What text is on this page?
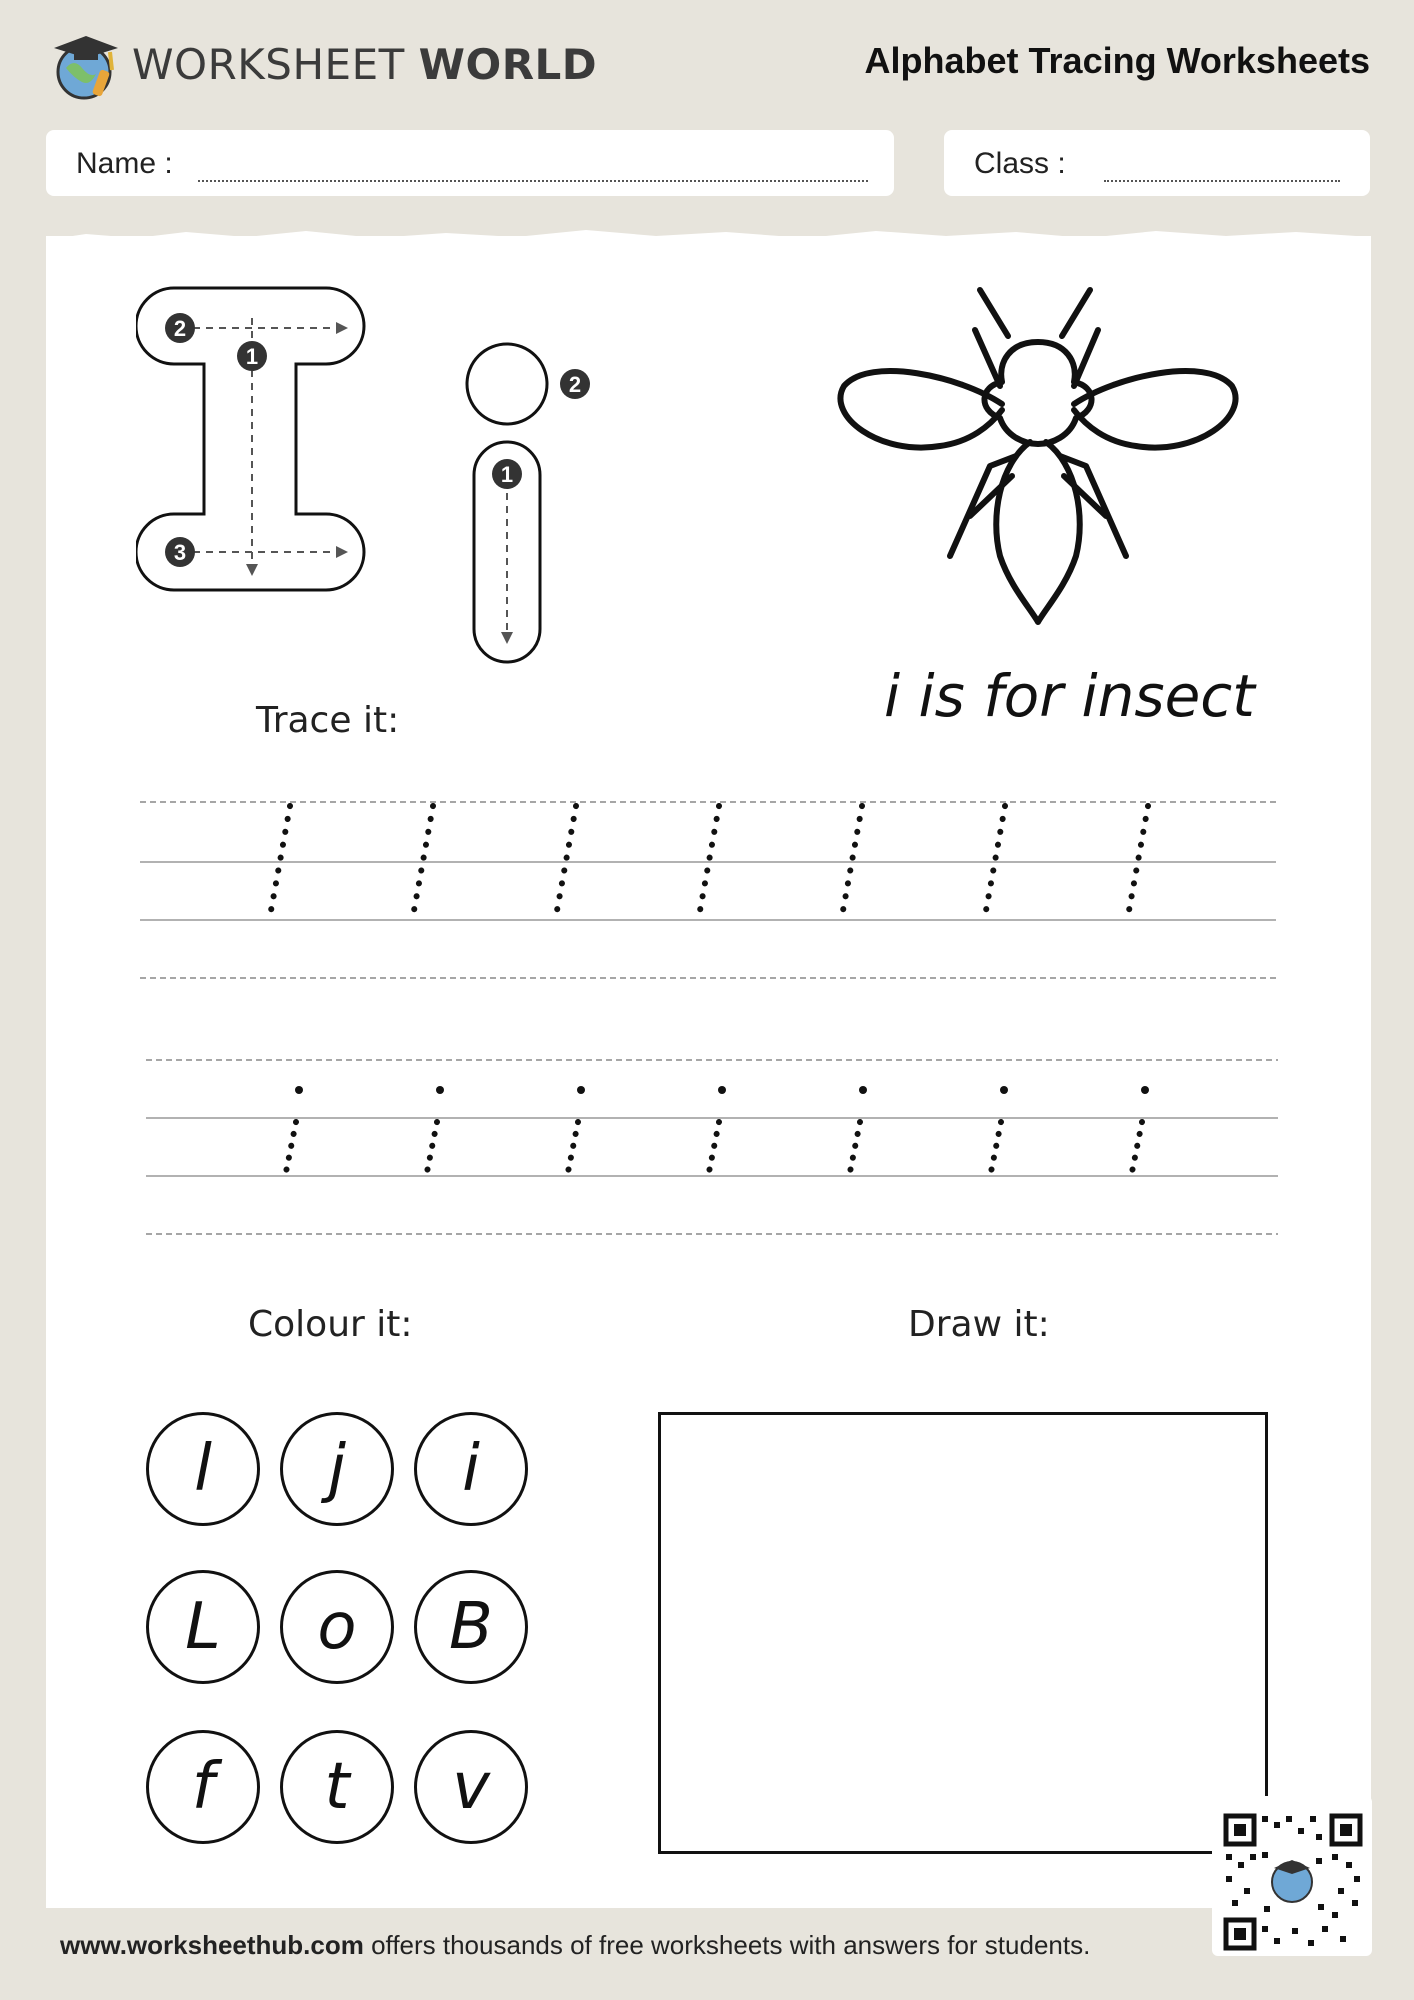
WORKSHEET WORLD	Alphabet Tracing Worksheets
Name :	Class :
2
1
3
2
1
Trace it:	i is for insect
Colour it:	Draw it:
l	j	i
L	o	B
f	t	v
www.worksheethub.com offers thousands of free worksheets with answers for students.
